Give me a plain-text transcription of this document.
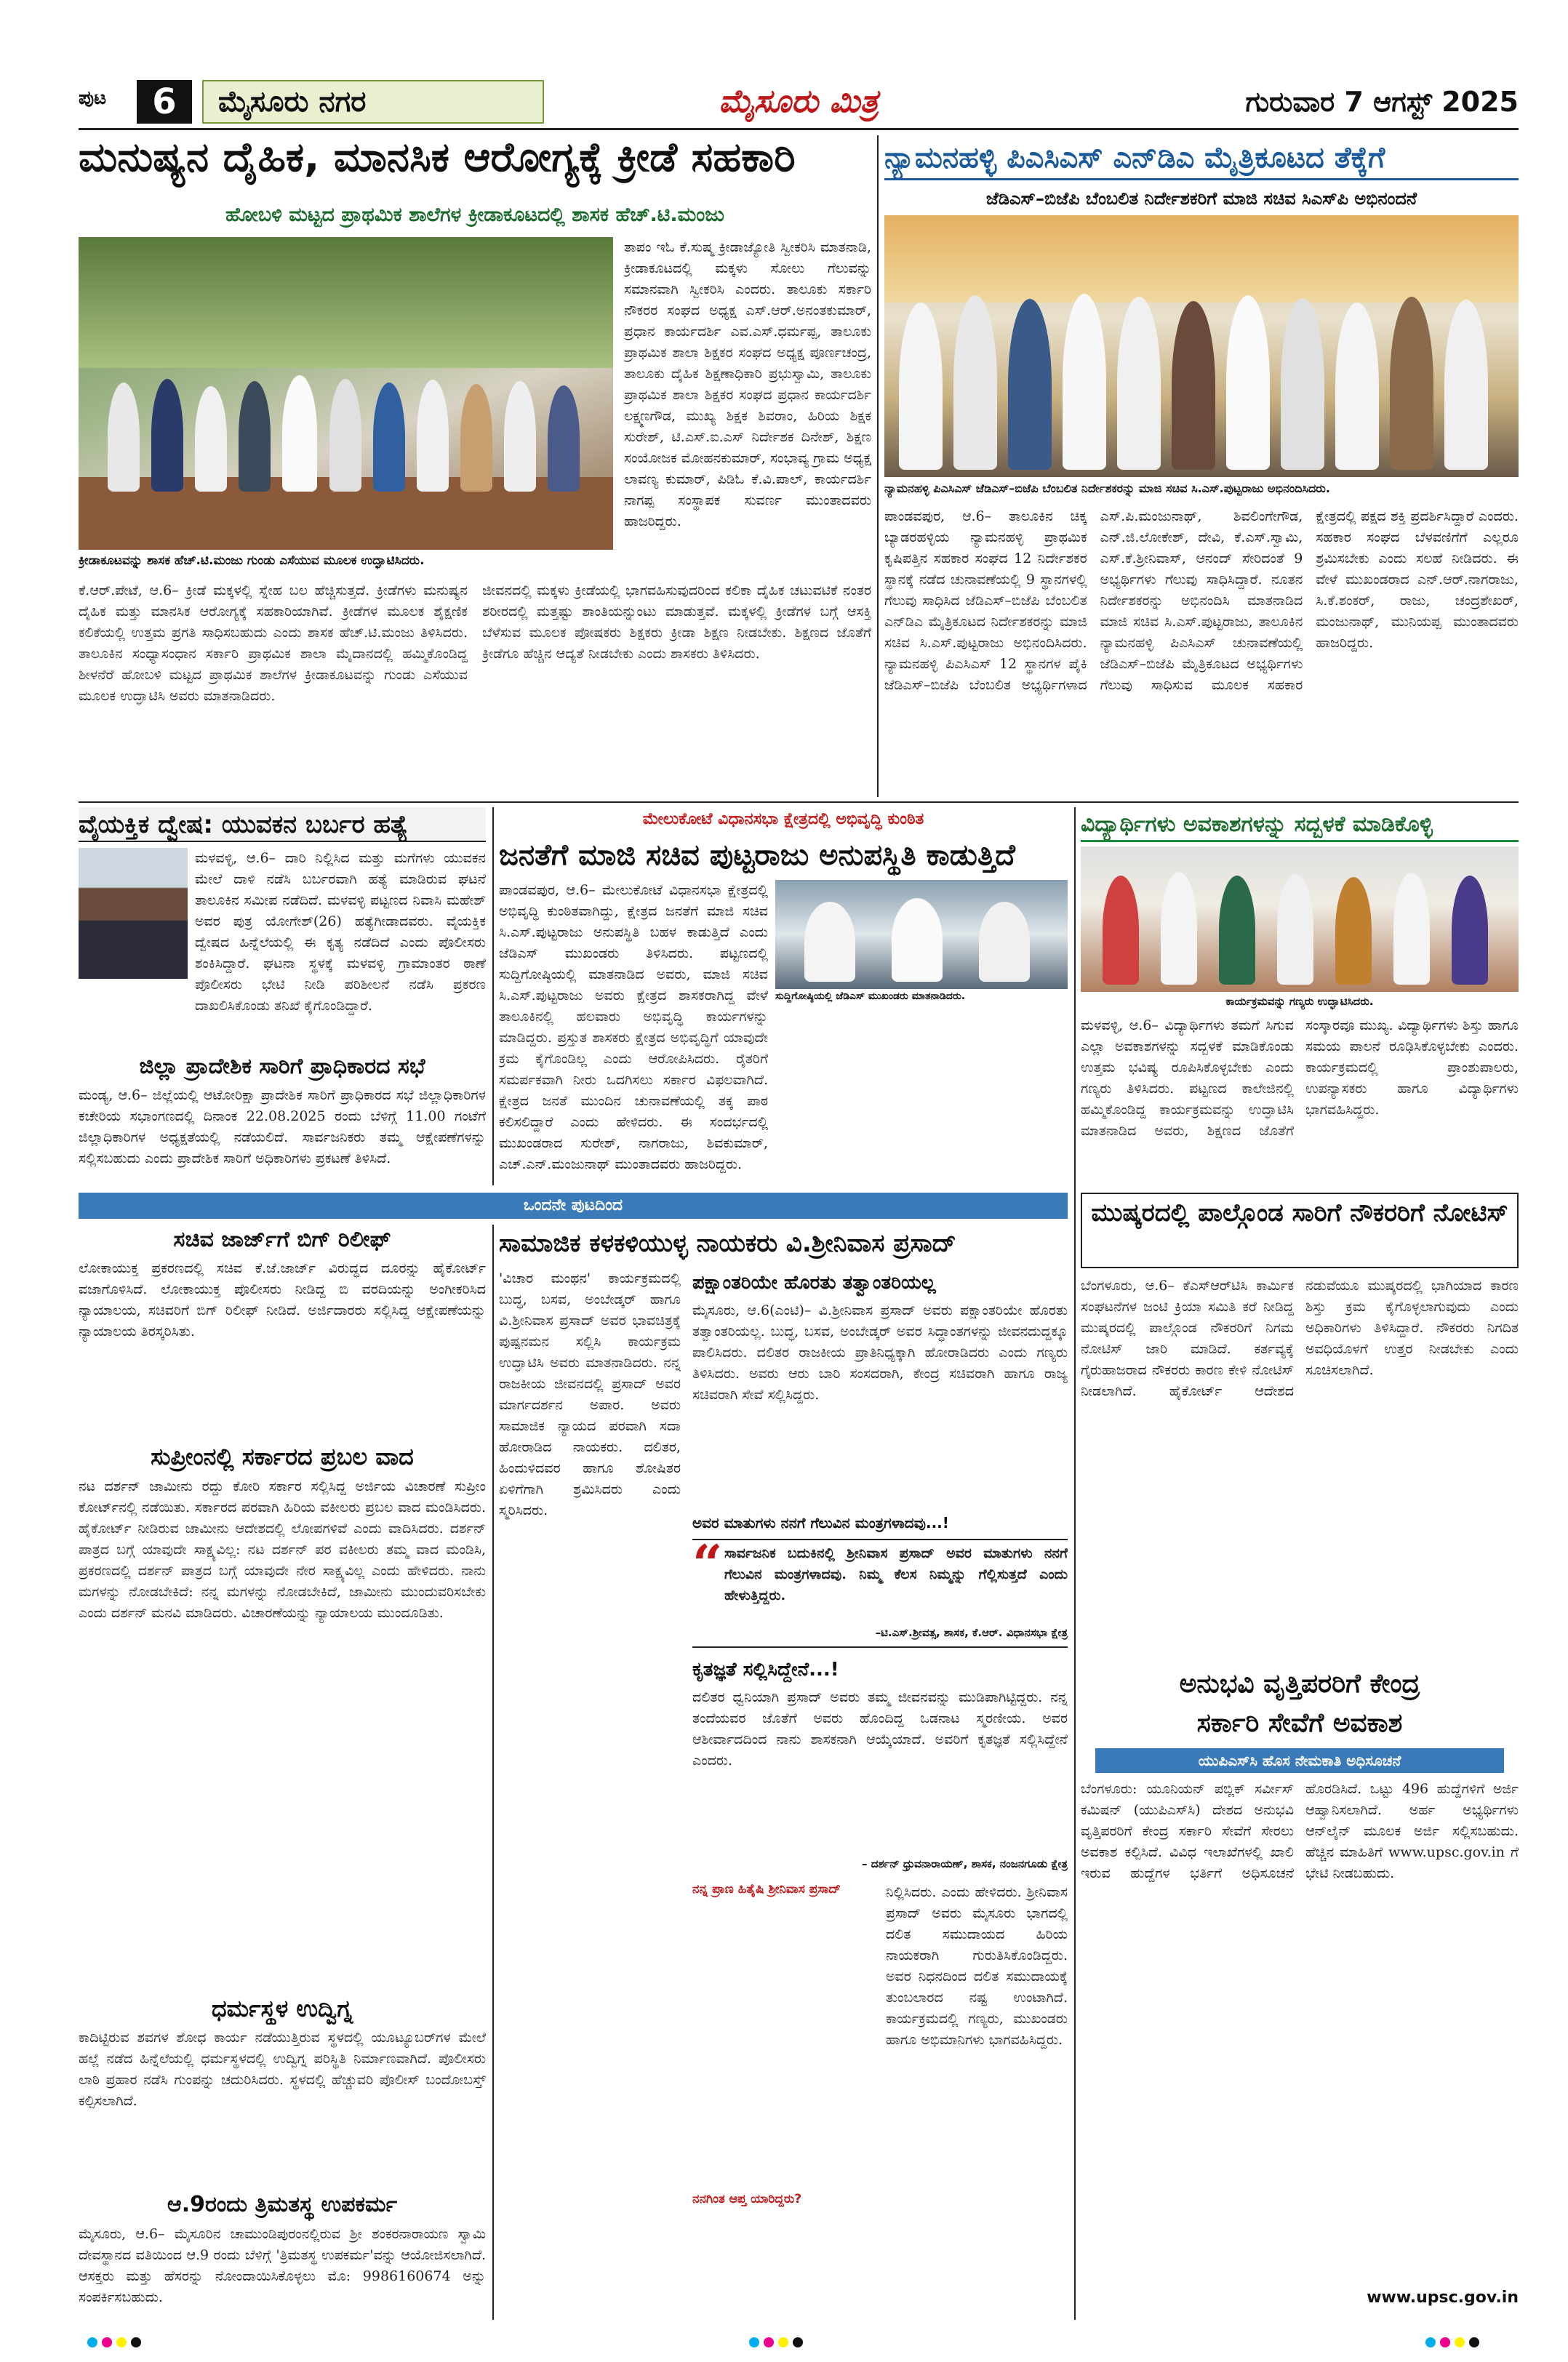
ಪುಟ	6	ಮೈಸೂರು ನಗರ	ಮೈಸೂರು ಮಿತ್ರ	ಗುರುವಾರ 7 ಆಗಸ್ಟ್ 2025
ಮನುಷ್ಯನ ದೈಹಿಕ, ಮಾನಸಿಕ ಆರೋಗ್ಯಕ್ಕೆ ಕ್ರೀಡೆ ಸಹಕಾರಿ
ಹೋಬಳಿ ಮಟ್ಟದ ಪ್ರಾಥಮಿಕ ಶಾಲೆಗಳ ಕ್ರೀಡಾಕೂಟದಲ್ಲಿ ಶಾಸಕ ಹೆಚ್.ಟಿ.ಮಂಜು
ಕ್ರೀಡಾಕೂಟವನ್ನು ಶಾಸಕ ಹೆಚ್.ಟಿ.ಮಂಜು ಗುಂಡು ಎಸೆಯುವ ಮೂಲಕ ಉದ್ಘಾಟಿಸಿದರು.
ತಾಪಂ ಇಓ ಕೆ.ಸುಷ್ಮ ಕ್ರೀಡಾಜ್ಯೋತಿ ಸ್ವೀಕರಿಸಿ ಮಾತನಾಡಿ, ಕ್ರೀಡಾಕೂಟದಲ್ಲಿ ಮಕ್ಕಳು ಸೋಲು ಗೆಲುವನ್ನು ಸಮಾನವಾಗಿ ಸ್ವೀಕರಿಸಿ ಎಂದರು. ತಾಲೂಕು ಸರ್ಕಾರಿ ನೌಕರರ ಸಂಘದ ಅಧ್ಯಕ್ಷ ಎಸ್.ಆರ್.ಅನಂತಕುಮಾರ್, ಪ್ರಧಾನ ಕಾರ್ಯದರ್ಶಿ ಎವ.ಎಸ್.ಧರ್ಮಪ್ಪ, ತಾಲೂಕು ಪ್ರಾಥಮಿಕ ಶಾಲಾ ಶಿಕ್ಷಕರ ಸಂಘದ ಅಧ್ಯಕ್ಷ ಪೂರ್ಣಚಂದ್ರ, ತಾಲೂಕು ದೈಹಿಕ ಶಿಕ್ಷಣಾಧಿಕಾರಿ ಪ್ರಭುಸ್ವಾಮಿ, ತಾಲೂಕು ಪ್ರಾಥಮಿಕ ಶಾಲಾ ಶಿಕ್ಷಕರ ಸಂಘದ ಪ್ರಧಾನ ಕಾರ್ಯದರ್ಶಿ ಲಕ್ಷ್ಮಣಗೌಡ, ಮುಖ್ಯ ಶಿಕ್ಷಕ ಶಿವರಾಂ, ಹಿರಿಯ ಶಿಕ್ಷಕ ಸುರೇಶ್, ಟಿ.ಎಸ್.ಐ.ಎಸ್ ನಿರ್ದೇಶಕ ದಿನೇಶ್, ಶಿಕ್ಷಣ ಸಂಯೋಜಕ ಮೋಹನಕುಮಾರ್, ಸಂಭಾವ್ಯ ಗ್ರಾಮ ಅಧ್ಯಕ್ಷ ಲಾವಣ್ಯ ಕುಮಾರ್, ಪಿಡಿಓ ಕೆ.ವಿ.ಪಾಲ್, ಕಾರ್ಯದರ್ಶಿ ನಾಗಪ್ಪ ಸಂಸ್ಥಾಪಕ ಸುವರ್ಣ ಮುಂತಾದವರು ಹಾಜರಿದ್ದರು.
ಕೆ.ಆರ್.ಪೇಟೆ, ಆ.6– ಕ್ರೀಡೆ ಮಕ್ಕಳಲ್ಲಿ ಸ್ನೇಹ ಬಲ ಹೆಚ್ಚಿಸುತ್ತದೆ. ಕ್ರೀಡೆಗಳು ಮನುಷ್ಯನ ದೈಹಿಕ ಮತ್ತು ಮಾನಸಿಕ ಆರೋಗ್ಯಕ್ಕೆ ಸಹಕಾರಿಯಾಗಿವೆ. ಕ್ರೀಡೆಗಳ ಮೂಲಕ ಶೈಕ್ಷಣಿಕ ಕಲಿಕೆಯಲ್ಲಿ ಉತ್ತಮ ಪ್ರಗತಿ ಸಾಧಿಸಬಹುದು ಎಂದು ಶಾಸಕ ಹೆಚ್.ಟಿ.ಮಂಜು ತಿಳಿಸಿದರು. ತಾಲೂಕಿನ ಸಂಧ್ಯಾಸಂಧಾನ ಸರ್ಕಾರಿ ಪ್ರಾಥಮಿಕ ಶಾಲಾ ಮೈದಾನದಲ್ಲಿ ಹಮ್ಮಿಕೊಂಡಿದ್ದ ಶೀಳನೆರೆ ಹೋಬಳಿ ಮಟ್ಟದ ಪ್ರಾಥಮಿಕ ಶಾಲೆಗಳ ಕ್ರೀಡಾಕೂಟವನ್ನು ಗುಂಡು ಎಸೆಯುವ ಮೂಲಕ ಉದ್ಘಾಟಿಸಿ ಅವರು ಮಾತನಾಡಿದರು.
ಜೀವನದಲ್ಲಿ ಮಕ್ಕಳು ಕ್ರೀಡೆಯಲ್ಲಿ ಭಾಗವಹಿಸುವುದರಿಂದ ಕಲಿಕಾ ದೈಹಿಕ ಚಟುವಟಿಕೆ ನಂತರ ಶರೀರದಲ್ಲಿ ಮತ್ತಷ್ಟು ಶಾಂತಿಯನ್ನುಂಟು ಮಾಡುತ್ತವೆ. ಮಕ್ಕಳಲ್ಲಿ ಕ್ರೀಡೆಗಳ ಬಗ್ಗೆ ಆಸಕ್ತಿ ಬೆಳೆಸುವ ಮೂಲಕ ಪೋಷಕರು ಶಿಕ್ಷಕರು ಕ್ರೀಡಾ ಶಿಕ್ಷಣ ನೀಡಬೇಕು. ಶಿಕ್ಷಣದ ಜೊತೆಗೆ ಕ್ರೀಡೆಗೂ ಹೆಚ್ಚಿನ ಆದ್ಯತೆ ನೀಡಬೇಕು ಎಂದು ಶಾಸಕರು ತಿಳಿಸಿದರು.
ನ್ಯಾಮನಹಳ್ಳಿ ಪಿಎಸಿಎಸ್ ಎನ್‌ಡಿಎ ಮೈತ್ರಿಕೂಟದ ತೆಕ್ಕೆಗೆ
ಜೆಡಿಎಸ್–ಬಿಜೆಪಿ ಬೆಂಬಲಿತ ನಿರ್ದೇಶಕರಿಗೆ ಮಾಜಿ ಸಚಿವ ಸಿಎಸ್‌ಪಿ ಅಭಿನಂದನೆ
ನ್ಯಾಮನಹಳ್ಳಿ ಪಿಎಸಿಎಸ್ ಜೆಡಿಎಸ್–ಬಿಜೆಪಿ ಬೆಂಬಲಿತ ನಿರ್ದೇಶಕರನ್ನು ಮಾಜಿ ಸಚಿವ ಸಿ.ಎಸ್.ಪುಟ್ಟರಾಜು ಅಭಿನಂದಿಸಿದರು.
ಪಾಂಡವಪುರ, ಆ.6– ತಾಲೂಕಿನ ಚಿಕ್ಕ ಬ್ಯಾಡರಹಳ್ಳಿಯ ನ್ಯಾಮನಹಳ್ಳಿ ಪ್ರಾಥಮಿಕ ಕೃಷಿಪತ್ತಿನ ಸಹಕಾರ ಸಂಘದ 12 ನಿರ್ದೇಶಕರ ಸ್ಥಾನಕ್ಕೆ ನಡೆದ ಚುನಾವಣೆಯಲ್ಲಿ 9 ಸ್ಥಾನಗಳಲ್ಲಿ ಗೆಲುವು ಸಾಧಿಸಿದ ಜೆಡಿಎಸ್–ಬಿಜೆಪಿ ಬೆಂಬಲಿತ ಎನ್‌ಡಿಎ ಮೈತ್ರಿಕೂಟದ ನಿರ್ದೇಶಕರನ್ನು ಮಾಜಿ ಸಚಿವ ಸಿ.ಎಸ್.ಪುಟ್ಟರಾಜು ಅಭಿನಂದಿಸಿದರು. ನ್ಯಾಮನಹಳ್ಳಿ ಪಿಎಸಿಎಸ್ 12 ಸ್ಥಾನಗಳ ಪೈಕಿ ಜೆಡಿಎಸ್–ಬಿಜೆಪಿ ಬೆಂಬಲಿತ ಅಭ್ಯರ್ಥಿಗಳಾದ ಎಸ್.ಪಿ.ಮಂಜುನಾಥ್, ಶಿವಲಿಂಗೇಗೌಡ, ಎನ್.ಜಿ.ಲೋಕೇಶ್, ದೇವಿ, ಕೆ.ಎಸ್.ಸ್ವಾಮಿ, ಎಸ್.ಕೆ.ಶ್ರೀನಿವಾಸ್, ಆನಂದ್ ಸೇರಿದಂತೆ 9 ಅಭ್ಯರ್ಥಿಗಳು ಗೆಲುವು ಸಾಧಿಸಿದ್ದಾರೆ. ನೂತನ ನಿರ್ದೇಶಕರನ್ನು ಅಭಿನಂದಿಸಿ ಮಾತನಾಡಿದ ಮಾಜಿ ಸಚಿವ ಸಿ.ಎಸ್.ಪುಟ್ಟರಾಜು, ತಾಲೂಕಿನ ನ್ಯಾಮನಹಳ್ಳಿ ಪಿಎಸಿಎಸ್ ಚುನಾವಣೆಯಲ್ಲಿ ಜೆಡಿಎಸ್–ಬಿಜೆಪಿ ಮೈತ್ರಿಕೂಟದ ಅಭ್ಯರ್ಥಿಗಳು ಗೆಲುವು ಸಾಧಿಸುವ ಮೂಲಕ ಸಹಕಾರ ಕ್ಷೇತ್ರದಲ್ಲಿ ಪಕ್ಷದ ಶಕ್ತಿ ಪ್ರದರ್ಶಿಸಿದ್ದಾರೆ ಎಂದರು. ಸಹಕಾರ ಸಂಘದ ಬೆಳವಣಿಗೆಗೆ ಎಲ್ಲರೂ ಶ್ರಮಿಸಬೇಕು ಎಂದು ಸಲಹೆ ನೀಡಿದರು. ಈ ವೇಳೆ ಮುಖಂಡರಾದ ಎನ್.ಆರ್.ನಾಗರಾಜು, ಸಿ.ಕೆ.ಶಂಕರ್, ರಾಜು, ಚಂದ್ರಶೇಖರ್, ಮಂಜುನಾಥ್, ಮುನಿಯಪ್ಪ ಮುಂತಾದವರು ಹಾಜರಿದ್ದರು.
ವೈಯಕ್ತಿಕ ದ್ವೇಷ: ಯುವಕನ ಬರ್ಬರ ಹತ್ಯೆ
ಮಳವಳ್ಳಿ, ಆ.6– ದಾರಿ ನಿಲ್ಲಿಸಿದ ಮತ್ತು ಮಗೆಗಳು ಯುವಕನ ಮೇಲೆ ದಾಳಿ ನಡೆಸಿ ಬರ್ಬರವಾಗಿ ಹತ್ಯೆ ಮಾಡಿರುವ ಘಟನೆ ತಾಲೂಕಿನ ಸಮೀಪ ನಡೆದಿದೆ. ಮಳವಳ್ಳಿ ಪಟ್ಟಣದ ನಿವಾಸಿ ಮಹೇಶ್ ಅವರ ಪುತ್ರ ಯೋಗೇಶ್(26) ಹತ್ಯೆಗೀಡಾದವರು. ವೈಯಕ್ತಿಕ ದ್ವೇಷದ ಹಿನ್ನೆಲೆಯಲ್ಲಿ ಈ ಕೃತ್ಯ ನಡೆದಿದೆ ಎಂದು ಪೊಲೀಸರು ಶಂಕಿಸಿದ್ದಾರೆ. ಘಟನಾ ಸ್ಥಳಕ್ಕೆ ಮಳವಳ್ಳಿ ಗ್ರಾಮಾಂತರ ಠಾಣೆ ಪೊಲೀಸರು ಭೇಟಿ ನೀಡಿ ಪರಿಶೀಲನೆ ನಡೆಸಿ ಪ್ರಕರಣ ದಾಖಲಿಸಿಕೊಂಡು ತನಿಖೆ ಕೈಗೊಂಡಿದ್ದಾರೆ.
ಜಿಲ್ಲಾ ಪ್ರಾದೇಶಿಕ ಸಾರಿಗೆ ಪ್ರಾಧಿಕಾರದ ಸಭೆ
ಮಂಡ್ಯ, ಆ.6– ಜಿಲ್ಲೆಯಲ್ಲಿ ಆಟೋರಿಕ್ಷಾ ಪ್ರಾದೇಶಿಕ ಸಾರಿಗೆ ಪ್ರಾಧಿಕಾರದ ಸಭೆ ಜಿಲ್ಲಾಧಿಕಾರಿಗಳ ಕಚೇರಿಯ ಸಭಾಂಗಣದಲ್ಲಿ ದಿನಾಂಕ 22.08.2025 ರಂದು ಬೆಳಿಗ್ಗೆ 11.00 ಗಂಟೆಗೆ ಜಿಲ್ಲಾಧಿಕಾರಿಗಳ ಅಧ್ಯಕ್ಷತೆಯಲ್ಲಿ ನಡೆಯಲಿದೆ. ಸಾರ್ವಜನಿಕರು ತಮ್ಮ ಆಕ್ಷೇಪಣೆಗಳನ್ನು ಸಲ್ಲಿಸಬಹುದು ಎಂದು ಪ್ರಾದೇಶಿಕ ಸಾರಿಗೆ ಅಧಿಕಾರಿಗಳು ಪ್ರಕಟಣೆ ತಿಳಿಸಿದೆ.
ಮೇಲುಕೋಟೆ ವಿಧಾನಸಭಾ ಕ್ಷೇತ್ರದಲ್ಲಿ ಅಭಿವೃದ್ಧಿ ಕುಂಠಿತ
ಜನತೆಗೆ ಮಾಜಿ ಸಚಿವ ಪುಟ್ಟರಾಜು ಅನುಪಸ್ಥಿತಿ ಕಾಡುತ್ತಿದೆ
ಪಾಂಡವಪುರ, ಆ.6– ಮೇಲುಕೋಟೆ ವಿಧಾನಸಭಾ ಕ್ಷೇತ್ರದಲ್ಲಿ ಅಭಿವೃದ್ಧಿ ಕುಂಠಿತವಾಗಿದ್ದು, ಕ್ಷೇತ್ರದ ಜನತೆಗೆ ಮಾಜಿ ಸಚಿವ ಸಿ.ಎಸ್.ಪುಟ್ಟರಾಜು ಅನುಪಸ್ಥಿತಿ ಬಹಳ ಕಾಡುತ್ತಿದೆ ಎಂದು ಜೆಡಿಎಸ್ ಮುಖಂಡರು ತಿಳಿಸಿದರು. ಪಟ್ಟಣದಲ್ಲಿ ಸುದ್ದಿಗೋಷ್ಠಿಯಲ್ಲಿ ಮಾತನಾಡಿದ ಅವರು, ಮಾಜಿ ಸಚಿವ ಸಿ.ಎಸ್.ಪುಟ್ಟರಾಜು ಅವರು ಕ್ಷೇತ್ರದ ಶಾಸಕರಾಗಿದ್ದ ವೇಳೆ ತಾಲೂಕಿನಲ್ಲಿ ಹಲವಾರು ಅಭಿವೃದ್ಧಿ ಕಾರ್ಯಗಳನ್ನು ಮಾಡಿದ್ದರು. ಪ್ರಸ್ತುತ ಶಾಸಕರು ಕ್ಷೇತ್ರದ ಅಭಿವೃದ್ಧಿಗೆ ಯಾವುದೇ ಕ್ರಮ ಕೈಗೊಂಡಿಲ್ಲ ಎಂದು ಆರೋಪಿಸಿದರು. ರೈತರಿಗೆ ಸಮರ್ಪಕವಾಗಿ ನೀರು ಒದಗಿಸಲು ಸರ್ಕಾರ ವಿಫಲವಾಗಿದೆ. ಕ್ಷೇತ್ರದ ಜನತೆ ಮುಂದಿನ ಚುನಾವಣೆಯಲ್ಲಿ ತಕ್ಕ ಪಾಠ ಕಲಿಸಲಿದ್ದಾರೆ ಎಂದು ಹೇಳಿದರು. ಈ ಸಂದರ್ಭದಲ್ಲಿ ಮುಖಂಡರಾದ ಸುರೇಶ್, ನಾಗರಾಜು, ಶಿವಕುಮಾರ್, ಎಚ್.ಎನ್.ಮಂಜುನಾಥ್ ಮುಂತಾದವರು ಹಾಜರಿದ್ದರು.
ಸುದ್ದಿಗೋಷ್ಠಿಯಲ್ಲಿ ಜೆಡಿಎಸ್ ಮುಖಂಡರು ಮಾತನಾಡಿದರು.
ವಿದ್ಯಾರ್ಥಿಗಳು ಅವಕಾಶಗಳನ್ನು ಸದ್ಬಳಕೆ ಮಾಡಿಕೊಳ್ಳಿ
ಕಾರ್ಯಕ್ರಮವನ್ನು ಗಣ್ಯರು ಉದ್ಘಾಟಿಸಿದರು.
ಮಳವಳ್ಳಿ, ಆ.6– ವಿದ್ಯಾರ್ಥಿಗಳು ತಮಗೆ ಸಿಗುವ ಎಲ್ಲಾ ಅವಕಾಶಗಳನ್ನು ಸದ್ಬಳಕೆ ಮಾಡಿಕೊಂಡು ಉತ್ತಮ ಭವಿಷ್ಯ ರೂಪಿಸಿಕೊಳ್ಳಬೇಕು ಎಂದು ಗಣ್ಯರು ತಿಳಿಸಿದರು. ಪಟ್ಟಣದ ಕಾಲೇಜಿನಲ್ಲಿ ಹಮ್ಮಿಕೊಂಡಿದ್ದ ಕಾರ್ಯಕ್ರಮವನ್ನು ಉದ್ಘಾಟಿಸಿ ಮಾತನಾಡಿದ ಅವರು, ಶಿಕ್ಷಣದ ಜೊತೆಗೆ ಸಂಸ್ಕಾರವೂ ಮುಖ್ಯ. ವಿದ್ಯಾರ್ಥಿಗಳು ಶಿಸ್ತು ಹಾಗೂ ಸಮಯ ಪಾಲನೆ ರೂಢಿಸಿಕೊಳ್ಳಬೇಕು ಎಂದರು. ಕಾರ್ಯಕ್ರಮದಲ್ಲಿ ಪ್ರಾಂಶುಪಾಲರು, ಉಪನ್ಯಾಸಕರು ಹಾಗೂ ವಿದ್ಯಾರ್ಥಿಗಳು ಭಾಗವಹಿಸಿದ್ದರು.
ಒಂದನೇ ಪುಟದಿಂದ
ಸಚಿವ ಜಾರ್ಜ್‌ಗೆ ಬಿಗ್ ರಿಲೀಫ್
ಲೋಕಾಯುಕ್ತ ಪ್ರಕರಣದಲ್ಲಿ ಸಚಿವ ಕೆ.ಜೆ.ಜಾರ್ಜ್ ವಿರುದ್ಧದ ದೂರನ್ನು ಹೈಕೋರ್ಟ್ ವಜಾಗೊಳಿಸಿದೆ. ಲೋಕಾಯುಕ್ತ ಪೊಲೀಸರು ನೀಡಿದ್ದ ಬಿ ವರದಿಯನ್ನು ಅಂಗೀಕರಿಸಿದ ನ್ಯಾಯಾಲಯ, ಸಚಿವರಿಗೆ ಬಿಗ್ ರಿಲೀಫ್ ನೀಡಿದೆ. ಅರ್ಜಿದಾರರು ಸಲ್ಲಿಸಿದ್ದ ಆಕ್ಷೇಪಣೆಯನ್ನು ನ್ಯಾಯಾಲಯ ತಿರಸ್ಕರಿಸಿತು.
ಸುಪ್ರೀಂನಲ್ಲಿ ಸರ್ಕಾರದ ಪ್ರಬಲ ವಾದ
ನಟ ದರ್ಶನ್ ಜಾಮೀನು ರದ್ದು ಕೋರಿ ಸರ್ಕಾರ ಸಲ್ಲಿಸಿದ್ದ ಅರ್ಜಿಯ ವಿಚಾರಣೆ ಸುಪ್ರೀಂ ಕೋರ್ಟ್‌ನಲ್ಲಿ ನಡೆಯಿತು. ಸರ್ಕಾರದ ಪರವಾಗಿ ಹಿರಿಯ ವಕೀಲರು ಪ್ರಬಲ ವಾದ ಮಂಡಿಸಿದರು. ಹೈಕೋರ್ಟ್ ನೀಡಿರುವ ಜಾಮೀನು ಆದೇಶದಲ್ಲಿ ಲೋಪಗಳಿವೆ ಎಂದು ವಾದಿಸಿದರು. ದರ್ಶನ್ ಪಾತ್ರದ ಬಗ್ಗೆ ಯಾವುದೇ ಸಾಕ್ಷ್ಯವಿಲ್ಲ: ನಟ ದರ್ಶನ್ ಪರ ವಕೀಲರು ತಮ್ಮ ವಾದ ಮಂಡಿಸಿ, ಪ್ರಕರಣದಲ್ಲಿ ದರ್ಶನ್ ಪಾತ್ರದ ಬಗ್ಗೆ ಯಾವುದೇ ನೇರ ಸಾಕ್ಷ್ಯವಿಲ್ಲ ಎಂದು ಹೇಳಿದರು. ನಾನು ಮಗಳನ್ನು ನೋಡಬೇಕಿದೆ: ನನ್ನ ಮಗಳನ್ನು ನೋಡಬೇಕಿದೆ, ಜಾಮೀನು ಮುಂದುವರಿಸಬೇಕು ಎಂದು ದರ್ಶನ್ ಮನವಿ ಮಾಡಿದರು. ವಿಚಾರಣೆಯನ್ನು ನ್ಯಾಯಾಲಯ ಮುಂದೂಡಿತು.
ಧರ್ಮಸ್ಥಳ ಉದ್ವಿಗ್ನ
ಕಾದಿಟ್ಟಿರುವ ಶವಗಳ ಶೋಧ ಕಾರ್ಯ ನಡೆಯುತ್ತಿರುವ ಸ್ಥಳದಲ್ಲಿ ಯೂಟ್ಯೂಬರ್‌ಗಳ ಮೇಲೆ ಹಲ್ಲೆ ನಡೆದ ಹಿನ್ನೆಲೆಯಲ್ಲಿ ಧರ್ಮಸ್ಥಳದಲ್ಲಿ ಉದ್ವಿಗ್ನ ಪರಿಸ್ಥಿತಿ ನಿರ್ಮಾಣವಾಗಿದೆ. ಪೊಲೀಸರು ಲಾಠಿ ಪ್ರಹಾರ ನಡೆಸಿ ಗುಂಪನ್ನು ಚದುರಿಸಿದರು. ಸ್ಥಳದಲ್ಲಿ ಹೆಚ್ಚುವರಿ ಪೊಲೀಸ್ ಬಂದೋಬಸ್ತ್ ಕಲ್ಪಿಸಲಾಗಿದೆ.
ಆ.9ರಂದು ತ್ರಿಮತಸ್ಥ ಉಪಕರ್ಮ
ಮೈಸೂರು, ಆ.6– ಮೈಸೂರಿನ ಚಾಮುಂಡಿಪುರಂನಲ್ಲಿರುವ ಶ್ರೀ ಶಂಕರನಾರಾಯಣ ಸ್ವಾಮಿ ದೇವಸ್ಥಾನದ ವತಿಯಿಂದ ಆ.9 ರಂದು ಬೆಳಿಗ್ಗೆ 'ತ್ರಿಮತಸ್ಥ ಉಪಕರ್ಮ'ವನ್ನು ಆಯೋಜಿಸಲಾಗಿದೆ. ಆಸಕ್ತರು ಮತ್ತು ಹೆಸರನ್ನು ನೋಂದಾಯಿಸಿಕೊಳ್ಳಲು ಮೊ: 9986160674 ಅನ್ನು ಸಂಪರ್ಕಿಸಬಹುದು.
ಸಾಮಾಜಿಕ ಕಳಕಳಿಯುಳ್ಳ ನಾಯಕರು ವಿ.ಶ್ರೀನಿವಾಸ ಪ್ರಸಾದ್
'ವಿಚಾರ ಮಂಥನ' ಕಾರ್ಯಕ್ರಮದಲ್ಲಿ ಬುದ್ಧ, ಬಸವ, ಅಂಬೇಡ್ಕರ್ ಹಾಗೂ ವಿ.ಶ್ರೀನಿವಾಸ ಪ್ರಸಾದ್ ಅವರ ಭಾವಚಿತ್ರಕ್ಕೆ ಪುಷ್ಪನಮನ ಸಲ್ಲಿಸಿ ಕಾರ್ಯಕ್ರಮ ಉದ್ಘಾಟಿಸಿ ಅವರು ಮಾತನಾಡಿದರು. ನನ್ನ ರಾಜಕೀಯ ಜೀವನದಲ್ಲಿ ಪ್ರಸಾದ್ ಅವರ ಮಾರ್ಗದರ್ಶನ ಅಪಾರ. ಅವರು ಸಾಮಾಜಿಕ ನ್ಯಾಯದ ಪರವಾಗಿ ಸದಾ ಹೋರಾಡಿದ ನಾಯಕರು. ದಲಿತರ, ಹಿಂದುಳಿದವರ ಹಾಗೂ ಶೋಷಿತರ ಏಳಿಗೆಗಾಗಿ ಶ್ರಮಿಸಿದರು ಎಂದು ಸ್ಮರಿಸಿದರು.
ಪಕ್ಷಾಂತರಿಯೇ ಹೊರತು ತತ್ವಾಂತರಿಯಲ್ಲ
ಮೈಸೂರು, ಆ.6(ಎಂಟಿ)– ವಿ.ಶ್ರೀನಿವಾಸ ಪ್ರಸಾದ್ ಅವರು ಪಕ್ಷಾಂತರಿಯೇ ಹೊರತು ತತ್ವಾಂತರಿಯಲ್ಲ. ಬುದ್ಧ, ಬಸವ, ಅಂಬೇಡ್ಕರ್ ಅವರ ಸಿದ್ಧಾಂತಗಳನ್ನು ಜೀವನದುದ್ದಕ್ಕೂ ಪಾಲಿಸಿದರು. ದಲಿತರ ರಾಜಕೀಯ ಪ್ರಾತಿನಿಧ್ಯಕ್ಕಾಗಿ ಹೋರಾಡಿದರು ಎಂದು ಗಣ್ಯರು ತಿಳಿಸಿದರು. ಅವರು ಆರು ಬಾರಿ ಸಂಸದರಾಗಿ, ಕೇಂದ್ರ ಸಚಿವರಾಗಿ ಹಾಗೂ ರಾಜ್ಯ ಸಚಿವರಾಗಿ ಸೇವೆ ಸಲ್ಲಿಸಿದ್ದರು.
ಅವರ ಮಾತುಗಳು ನನಗೆ ಗೆಲುವಿನ ಮಂತ್ರಗಳಾದವು...!
“ ಸಾರ್ವಜನಿಕ ಬದುಕಿನಲ್ಲಿ ಶ್ರೀನಿವಾಸ ಪ್ರಸಾದ್ ಅವರ ಮಾತುಗಳು ನನಗೆ ಗೆಲುವಿನ ಮಂತ್ರಗಳಾದವು. ನಿಮ್ಮ ಕೆಲಸ ನಿಮ್ಮನ್ನು ಗೆಲ್ಲಿಸುತ್ತದೆ ಎಂದು ಹೇಳುತ್ತಿದ್ದರು.
–ಟಿ.ಎಸ್.ಶ್ರೀವತ್ಸ, ಶಾಸಕ, ಕೆ.ಆರ್. ವಿಧಾನಸಭಾ ಕ್ಷೇತ್ರ
ಕೃತಜ್ಞತೆ ಸಲ್ಲಿಸಿದ್ದೇನೆ...!
ದಲಿತರ ಧ್ವನಿಯಾಗಿ ಪ್ರಸಾದ್ ಅವರು ತಮ್ಮ ಜೀವನವನ್ನು ಮುಡಿಪಾಗಿಟ್ಟಿದ್ದರು. ನನ್ನ ತಂದೆಯವರ ಜೊತೆಗೆ ಅವರು ಹೊಂದಿದ್ದ ಒಡನಾಟ ಸ್ಮರಣೀಯ. ಅವರ ಆಶೀರ್ವಾದದಿಂದ ನಾನು ಶಾಸಕನಾಗಿ ಆಯ್ಕೆಯಾದೆ. ಅವರಿಗೆ ಕೃತಜ್ಞತೆ ಸಲ್ಲಿಸಿದ್ದೇನೆ ಎಂದರು.
– ದರ್ಶನ್ ಧ್ರುವನಾರಾಯಣ್, ಶಾಸಕ, ನಂಜನಗೂಡು ಕ್ಷೇತ್ರ
ನನ್ನ ಪ್ರಾಣ ಹಿತೈಷಿ ಶ್ರೀನಿವಾಸ ಪ್ರಸಾದ್
ನನಗಿಂತ ಆಪ್ತ ಯಾರಿದ್ದರು?
ನಿಲ್ಲಿಸಿದರು. ಎಂದು ಹೇಳಿದರು. ಶ್ರೀನಿವಾಸ ಪ್ರಸಾದ್ ಅವರು ಮೈಸೂರು ಭಾಗದಲ್ಲಿ ದಲಿತ ಸಮುದಾಯದ ಹಿರಿಯ ನಾಯಕರಾಗಿ ಗುರುತಿಸಿಕೊಂಡಿದ್ದರು. ಅವರ ನಿಧನದಿಂದ ದಲಿತ ಸಮುದಾಯಕ್ಕೆ ತುಂಬಲಾರದ ನಷ್ಟ ಉಂಟಾಗಿದೆ. ಕಾರ್ಯಕ್ರಮದಲ್ಲಿ ಗಣ್ಯರು, ಮುಖಂಡರು ಹಾಗೂ ಅಭಿಮಾನಿಗಳು ಭಾಗವಹಿಸಿದ್ದರು.
ಮುಷ್ಕರದಲ್ಲಿ ಪಾಲ್ಗೊಂಡ ಸಾರಿಗೆ ನೌಕರರಿಗೆ ನೋಟಿಸ್
ಬೆಂಗಳೂರು, ಆ.6– ಕೆಎಸ್‌ಆರ್‌ಟಿಸಿ ಕಾರ್ಮಿಕ ಸಂಘಟನೆಗಳ ಜಂಟಿ ಕ್ರಿಯಾ ಸಮಿತಿ ಕರೆ ನೀಡಿದ್ದ ಮುಷ್ಕರದಲ್ಲಿ ಪಾಲ್ಗೊಂಡ ನೌಕರರಿಗೆ ನಿಗಮ ನೋಟಿಸ್ ಜಾರಿ ಮಾಡಿದೆ. ಕರ್ತವ್ಯಕ್ಕೆ ಗೈರುಹಾಜರಾದ ನೌಕರರು ಕಾರಣ ಕೇಳಿ ನೋಟಿಸ್ ನೀಡಲಾಗಿದೆ. ಹೈಕೋರ್ಟ್ ಆದೇಶದ ನಡುವೆಯೂ ಮುಷ್ಕರದಲ್ಲಿ ಭಾಗಿಯಾದ ಕಾರಣ ಶಿಸ್ತು ಕ್ರಮ ಕೈಗೊಳ್ಳಲಾಗುವುದು ಎಂದು ಅಧಿಕಾರಿಗಳು ತಿಳಿಸಿದ್ದಾರೆ. ನೌಕರರು ನಿಗದಿತ ಅವಧಿಯೊಳಗೆ ಉತ್ತರ ನೀಡಬೇಕು ಎಂದು ಸೂಚಿಸಲಾಗಿದೆ.
ಅನುಭವಿ ವೃತ್ತಿಪರರಿಗೆ ಕೇಂದ್ರ
ಸರ್ಕಾರಿ ಸೇವೆಗೆ ಅವಕಾಶ
ಯುಪಿಎಸ್‌ಸಿ ಹೊಸ ನೇಮಕಾತಿ ಅಧಿಸೂಚನೆ
ಬೆಂಗಳೂರು: ಯೂನಿಯನ್ ಪಬ್ಲಿಕ್ ಸರ್ವೀಸ್ ಕಮಿಷನ್ (ಯುಪಿಎಸ್‌ಸಿ) ದೇಶದ ಅನುಭವಿ ವೃತ್ತಿಪರರಿಗೆ ಕೇಂದ್ರ ಸರ್ಕಾರಿ ಸೇವೆಗೆ ಸೇರಲು ಅವಕಾಶ ಕಲ್ಪಿಸಿದೆ. ವಿವಿಧ ಇಲಾಖೆಗಳಲ್ಲಿ ಖಾಲಿ ಇರುವ ಹುದ್ದೆಗಳ ಭರ್ತಿಗೆ ಅಧಿಸೂಚನೆ ಹೊರಡಿಸಿದೆ. ಒಟ್ಟು 496 ಹುದ್ದೆಗಳಿಗೆ ಅರ್ಜಿ ಆಹ್ವಾನಿಸಲಾಗಿದೆ. ಅರ್ಹ ಅಭ್ಯರ್ಥಿಗಳು ಆನ್‌ಲೈನ್ ಮೂಲಕ ಅರ್ಜಿ ಸಲ್ಲಿಸಬಹುದು. ಹೆಚ್ಚಿನ ಮಾಹಿತಿಗೆ www.upsc.gov.in ಗೆ ಭೇಟಿ ನೀಡಬಹುದು.
www.upsc.gov.in
